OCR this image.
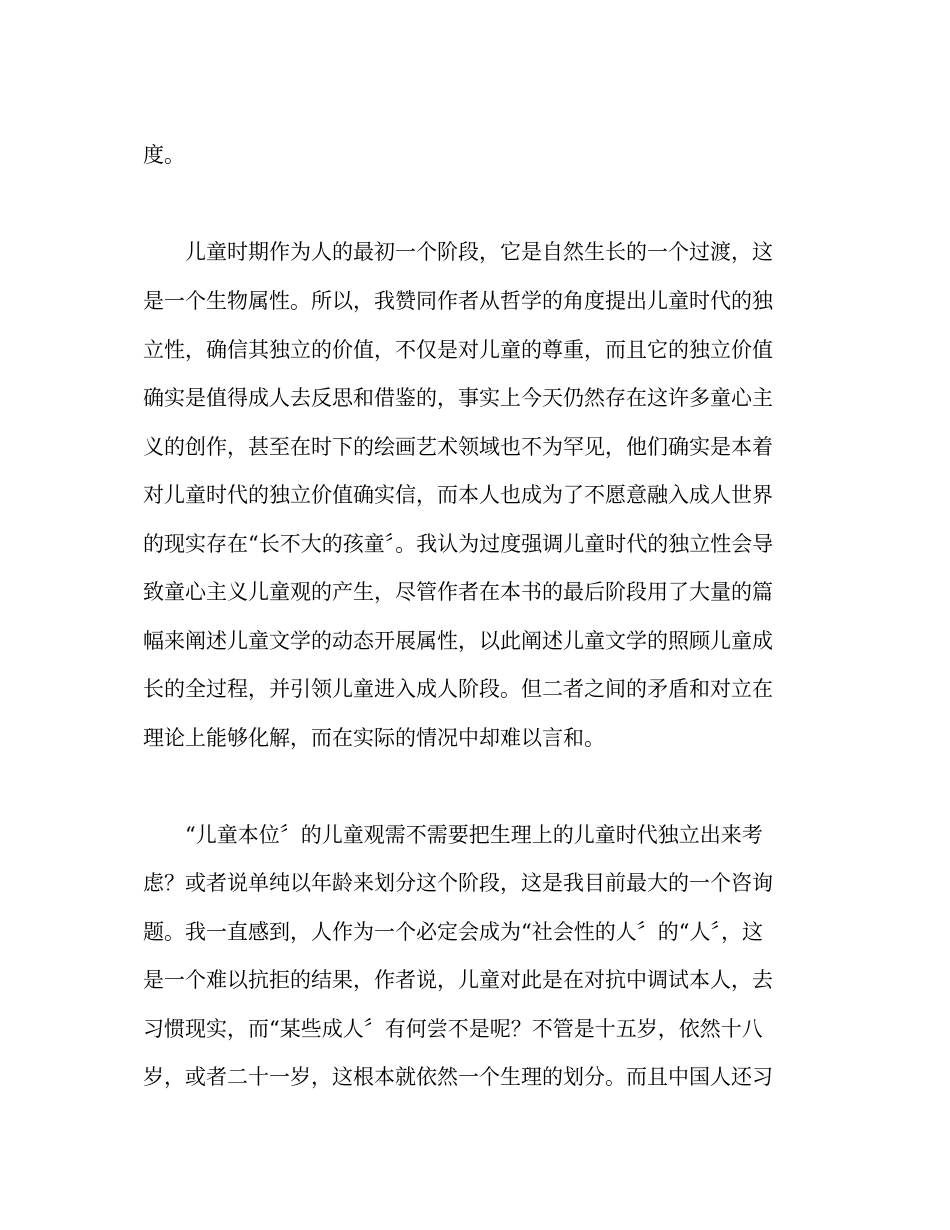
度。

　　儿童时期作为人的最初一个阶段，它是自然生长的一个过渡，这

是一个生物属性。所以，我赞同作者从哲学的角度提出儿童时代的独

立性，确信其独立的价值，不仅是对儿童的尊重，而且它的独立价值

确实是值得成人去反思和借鉴的，事实上今天仍然存在这许多童心主

义的创作，甚至在时下的绘画艺术领域也不为罕见，他们确实是本着

对儿童时代的独立价值确实信，而本人也成为了不愿意融入成人世界

的现实存在“长不大的孩童〞。我认为过度强调儿童时代的独立性会导

致童心主义儿童观的产生，尽管作者在本书的最后阶段用了大量的篇

幅来阐述儿童文学的动态开展属性，以此阐述儿童文学的照顾儿童成

长的全过程，并引领儿童进入成人阶段。但二者之间的矛盾和对立在

理论上能够化解，而在实际的情况中却难以言和。

　　“儿童本位〞的儿童观需不需要把生理上的儿童时代独立出来考

虑？或者说单纯以年龄来划分这个阶段，这是我目前最大的一个咨询

题。我一直感到，人作为一个必定会成为“社会性的人〞的“人〞，这

是一个难以抗拒的结果，作者说，儿童对此是在对抗中调试本人，去

习惯现实，而“某些成人〞有何尝不是呢？不管是十五岁，依然十八

岁，或者二十一岁，这根本就依然一个生理的划分。而且中国人还习
